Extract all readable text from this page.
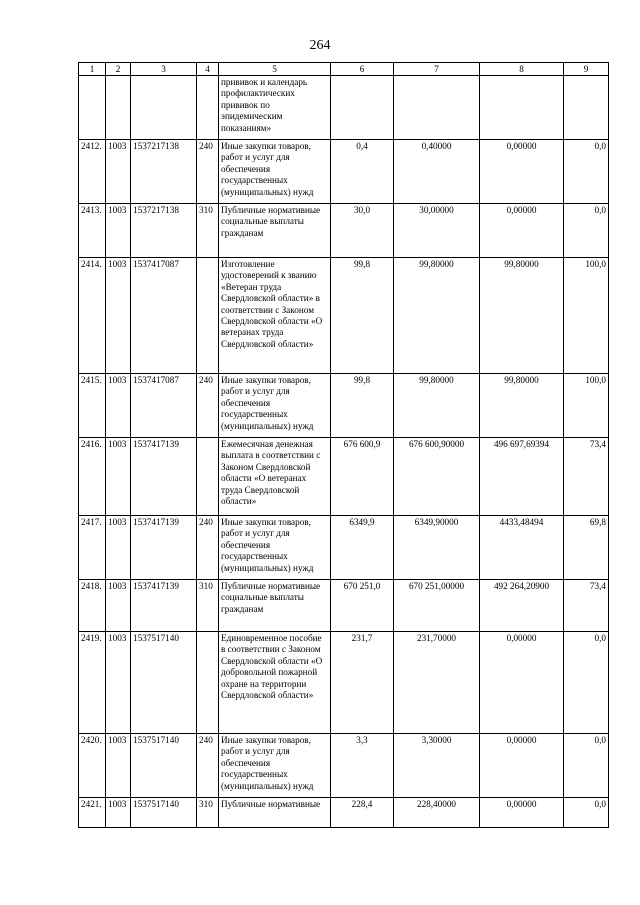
264
1	2	3	4	5	6	7	8	9
				прививок и календарь профилактических прививок по эпидемическим показаниям»				
2412.	1003	1537217138	240	Иные закупки товаров, работ и услуг для обеспечения государственных (муниципальных) нужд	0,4	0,40000	0,00000	0,0
2413.	1003	1537217138	310	Публичные нормативные социальные выплаты гражданам	30,0	30,00000	0,00000	0,0
2414.	1003	1537417087		Изготовление удостоверений к званию «Ветеран труда Свердловской области» в соответствии с Законом Свердловской области «О ветеранах труда Свердловской области»	99,8	99,80000	99,80000	100,0
2415.	1003	1537417087	240	Иные закупки товаров, работ и услуг для обеспечения государственных (муниципальных) нужд	99,8	99,80000	99,80000	100,0
2416.	1003	1537417139		Ежемесячная денежная выплата в соответствии с Законом Свердловской области «О ветеранах труда Свердловской области»	676 600,9	676 600,90000	496 697,69394	73,4
2417.	1003	1537417139	240	Иные закупки товаров, работ и услуг для обеспечения государственных (муниципальных) нужд	6349,9	6349,90000	4433,48494	69,8
2418.	1003	1537417139	310	Публичные нормативные социальные выплаты гражданам	670 251,0	670 251,00000	492 264,20900	73,4
2419.	1003	1537517140		Единовременное пособие в соответствии с Законом Свердловской области «О добровольной пожарной охране на территории Свердловской области»	231,7	231,70000	0,00000	0,0
2420.	1003	1537517140	240	Иные закупки товаров, работ и услуг для обеспечения государственных (муниципальных) нужд	3,3	3,30000	0,00000	0,0
2421.	1003	1537517140	310	Публичные нормативные	228,4	228,40000	0,00000	0,0
